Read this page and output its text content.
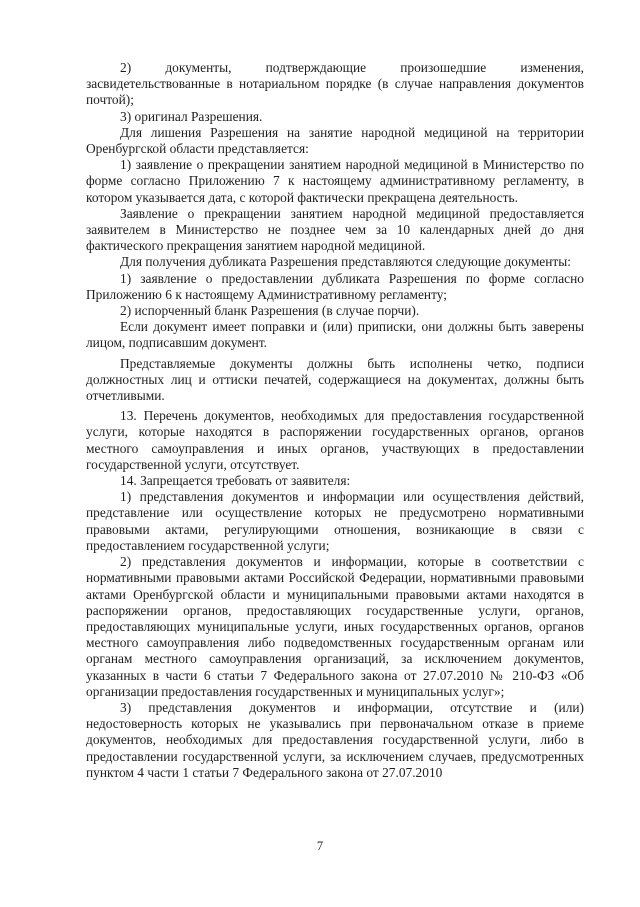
2) документы, подтверждающие произошедшие изменения, засвидетельствованные в нотариальном порядке (в случае направления документов почтой);

3) оригинал Разрешения.

Для лишения Разрешения на занятие народной медициной на территории Оренбургской области представляется:

1) заявление о прекращении занятием народной медициной в Министерство по форме согласно Приложению 7 к настоящему административному регламенту, в котором указывается дата, с которой фактически прекращена деятельность.

Заявление о прекращении занятием народной медициной предоставляется заявителем в Министерство не позднее чем за 10 календарных дней до дня фактического прекращения занятием народной медициной.

Для получения дубликата Разрешения представляются следующие документы:

1) заявление о предоставлении дубликата Разрешения по форме согласно Приложению 6 к настоящему Административному регламенту;

2) испорченный бланк Разрешения (в случае порчи).

Если документ имеет поправки и (или) приписки, они должны быть заверены лицом, подписавшим документ.

Представляемые документы должны быть исполнены четко, подписи должностных лиц и оттиски печатей, содержащиеся на документах, должны быть отчетливыми.

13. Перечень документов, необходимых для предоставления государственной услуги, которые находятся в распоряжении государственных органов, органов местного самоуправления и иных органов, участвующих в предоставлении государственной услуги, отсутствует.

14. Запрещается требовать от заявителя:

1) представления документов и информации или осуществления действий, представление или осуществление которых не предусмотрено нормативными правовыми актами, регулирующими отношения, возникающие в связи с предоставлением государственной услуги;

2) представления документов и информации, которые в соответствии с нормативными правовыми актами Российской Федерации, нормативными правовыми актами Оренбургской области и муниципальными правовыми актами находятся в распоряжении органов, предоставляющих государственные услуги, органов, предоставляющих муниципальные услуги, иных государственных органов, органов местного самоуправления либо подведомственных государственным органам или органам местного самоуправления организаций, за исключением документов, указанных в части 6 статьи 7 Федерального закона от 27.07.2010 № 210-ФЗ «Об организации предоставления государственных и муниципальных услуг»;

3) представления документов и информации, отсутствие и (или) недостоверность которых не указывались при первоначальном отказе в приеме документов, необходимых для предоставления государственной услуги, либо в предоставлении государственной услуги, за исключением случаев, предусмотренных пунктом 4 части 1 статьи 7 Федерального закона от 27.07.2010

7
